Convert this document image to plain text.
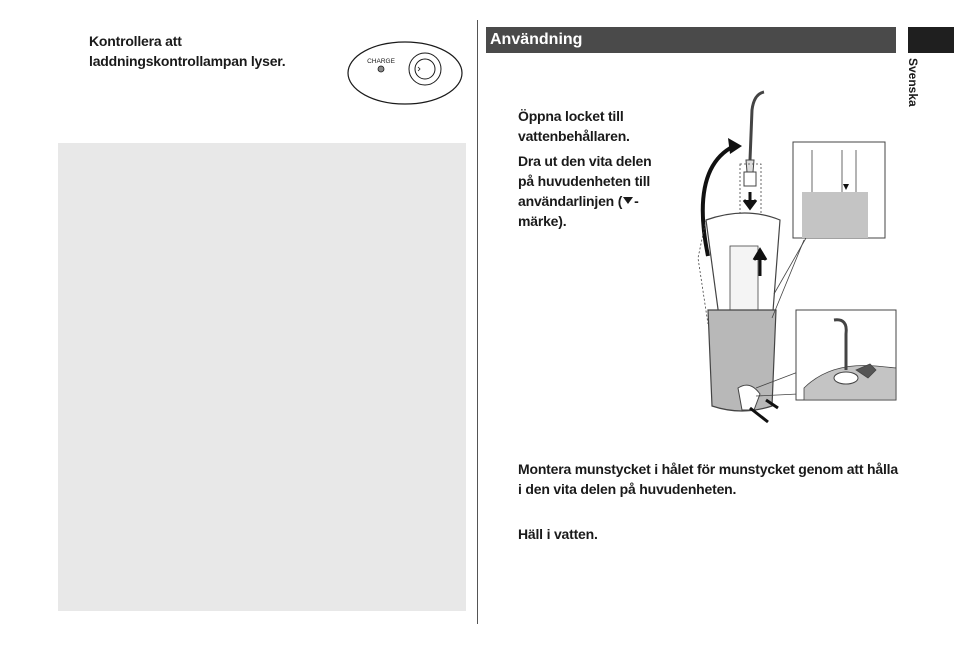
Kontrollera att laddningskontrollampan lyser.	CHARGE
Användning
Svenska
Öppna locket till vattenbehållaren.
Dra ut den vita delen på huvudenheten till användarlinjen ( -märke).
Montera munstycket i hålet för munstycket genom att hålla i den vita delen på huvudenheten.
Häll i vatten.
